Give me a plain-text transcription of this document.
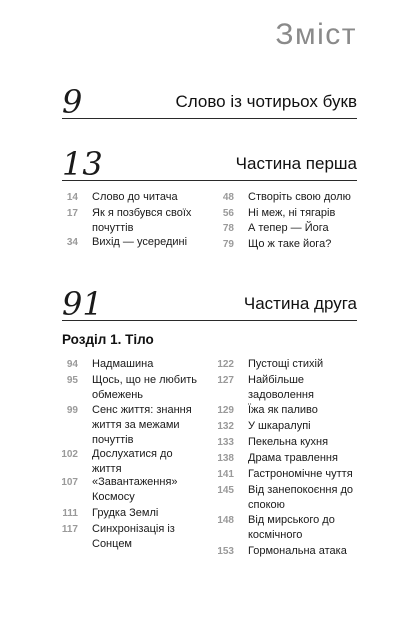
Зміст
9	Слово із чотирьох букв
13	Частина перша
14 Слово до читача
17 Як я позбувся своїх
почуттів
34 Вихід — усередині
48 Створіть свою долю
56 Ні меж, ні тягарів
78 А тепер — Йога
79 Що ж таке йога?
91	Частина друга
Розділ 1. Тіло
94 Надмашина
95 Щось, що не любить
обмежень
99 Сенс життя: знання
життя за межами
почуттів
102 Дослухатися до
життя
107 «Завантаження»
Космосу
111 Грудка Землі
117 Синхронізація із
Сонцем
122 Пустощі стихій
127 Найбільше
задоволення
129 Їжа як паливо
132 У шкаралупі
133 Пекельна кухня
138 Драма травлення
141 Гастрономічне чуття
145 Від занепокоєння до
спокою
148 Від мирського до
космічного
153 Гормональна атака
